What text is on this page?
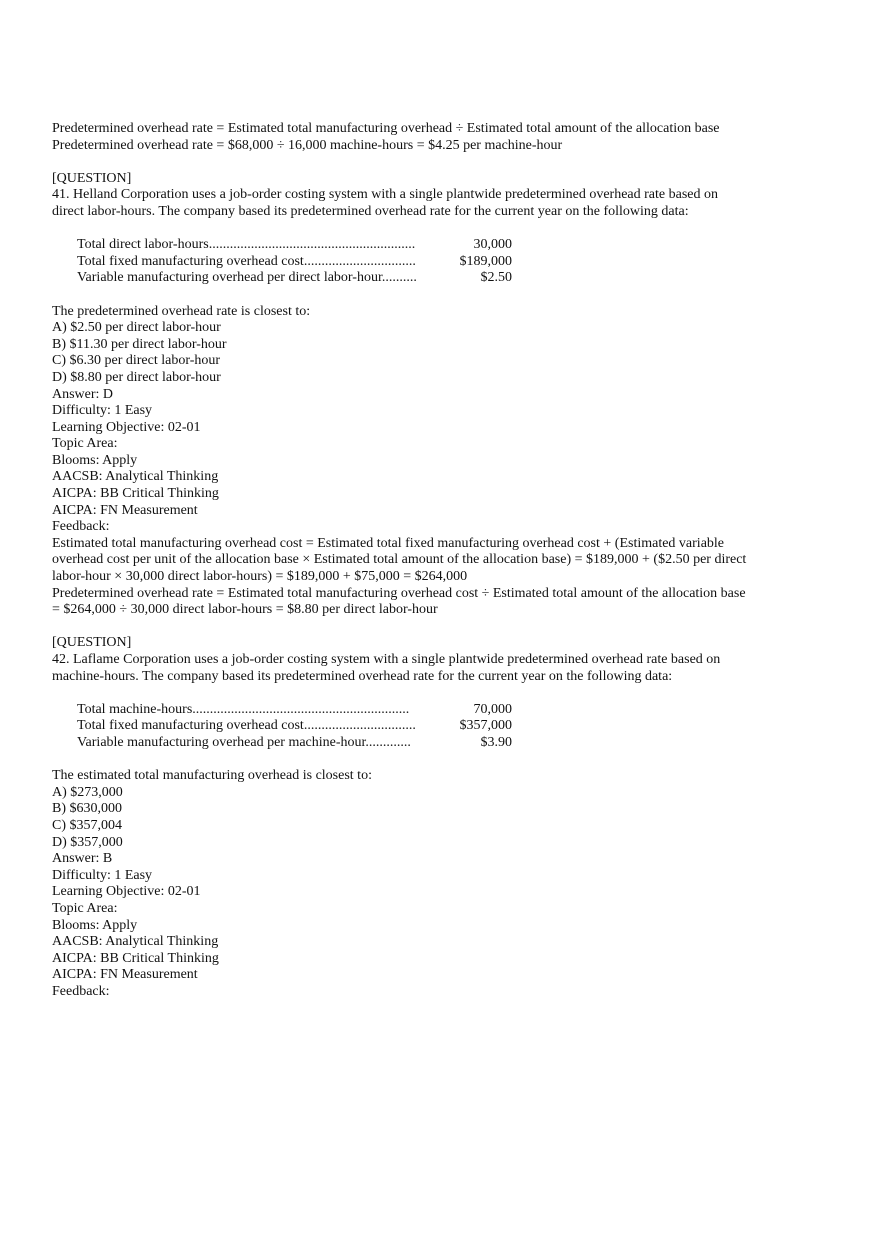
Predetermined overhead rate = Estimated total manufacturing overhead ÷ Estimated total amount of the allocation base
Predetermined overhead rate = $68,000 ÷ 16,000 machine-hours = $4.25 per machine-hour
[QUESTION]
41. Helland Corporation uses a job-order costing system with a single plantwide predetermined overhead rate based on direct labor-hours. The company based its predetermined overhead rate for the current year on the following data:
Total direct labor-hours...........................................................	30,000
Total fixed manufacturing overhead cost................................	$189,000
Variable manufacturing overhead per direct labor-hour..........	$2.50
The predetermined overhead rate is closest to:
A) $2.50 per direct labor-hour
B) $11.30 per direct labor-hour
C) $6.30 per direct labor-hour
D) $8.80 per direct labor-hour
Answer: D
Difficulty: 1 Easy
Learning Objective: 02-01
Topic Area:
Blooms: Apply
AACSB: Analytical Thinking
AICPA: BB Critical Thinking
AICPA: FN Measurement
Feedback:
Estimated total manufacturing overhead cost = Estimated total fixed manufacturing overhead cost + (Estimated variable overhead cost per unit of the allocation base × Estimated total amount of the allocation base) = $189,000 + ($2.50 per direct labor-hour × 30,000 direct labor-hours) = $189,000 + $75,000 = $264,000
Predetermined overhead rate = Estimated total manufacturing overhead cost ÷ Estimated total amount of the allocation base = $264,000 ÷ 30,000 direct labor-hours = $8.80 per direct labor-hour
[QUESTION]
42. Laflame Corporation uses a job-order costing system with a single plantwide predetermined overhead rate based on machine-hours. The company based its predetermined overhead rate for the current year on the following data:
Total machine-hours..............................................................	70,000
Total fixed manufacturing overhead cost................................	$357,000
Variable manufacturing overhead per machine-hour.............	$3.90
The estimated total manufacturing overhead is closest to:
A) $273,000
B) $630,000
C) $357,004
D) $357,000
Answer: B
Difficulty: 1 Easy
Learning Objective: 02-01
Topic Area:
Blooms: Apply
AACSB: Analytical Thinking
AICPA: BB Critical Thinking
AICPA: FN Measurement
Feedback:
